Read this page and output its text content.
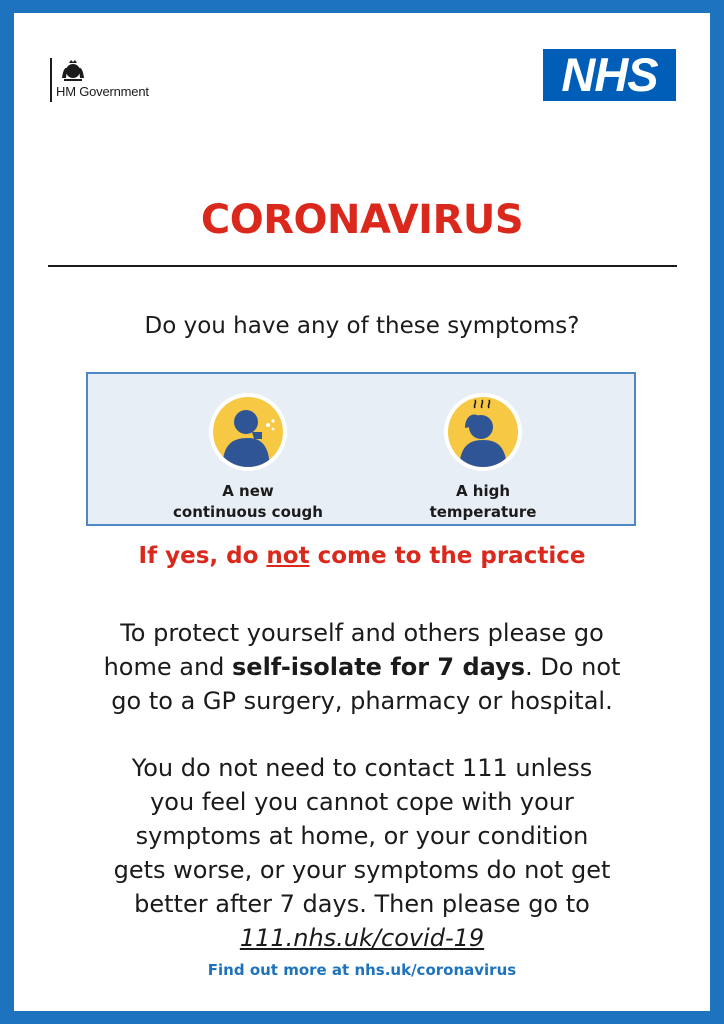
HM Government	NHS
CORONAVIRUS
Do you have any of these symptoms?
A new
continuous cough
A high
temperature
If yes, do not come to the practice
To protect yourself and others please go
home and self-isolate for 7 days. Do not
go to a GP surgery, pharmacy or hospital.
You do not need to contact 111 unless
you feel you cannot cope with your
symptoms at home, or your condition
gets worse, or your symptoms do not get
better after 7 days. Then please go to
111.nhs.uk/covid-19
Find out more at nhs.uk/coronavirus
